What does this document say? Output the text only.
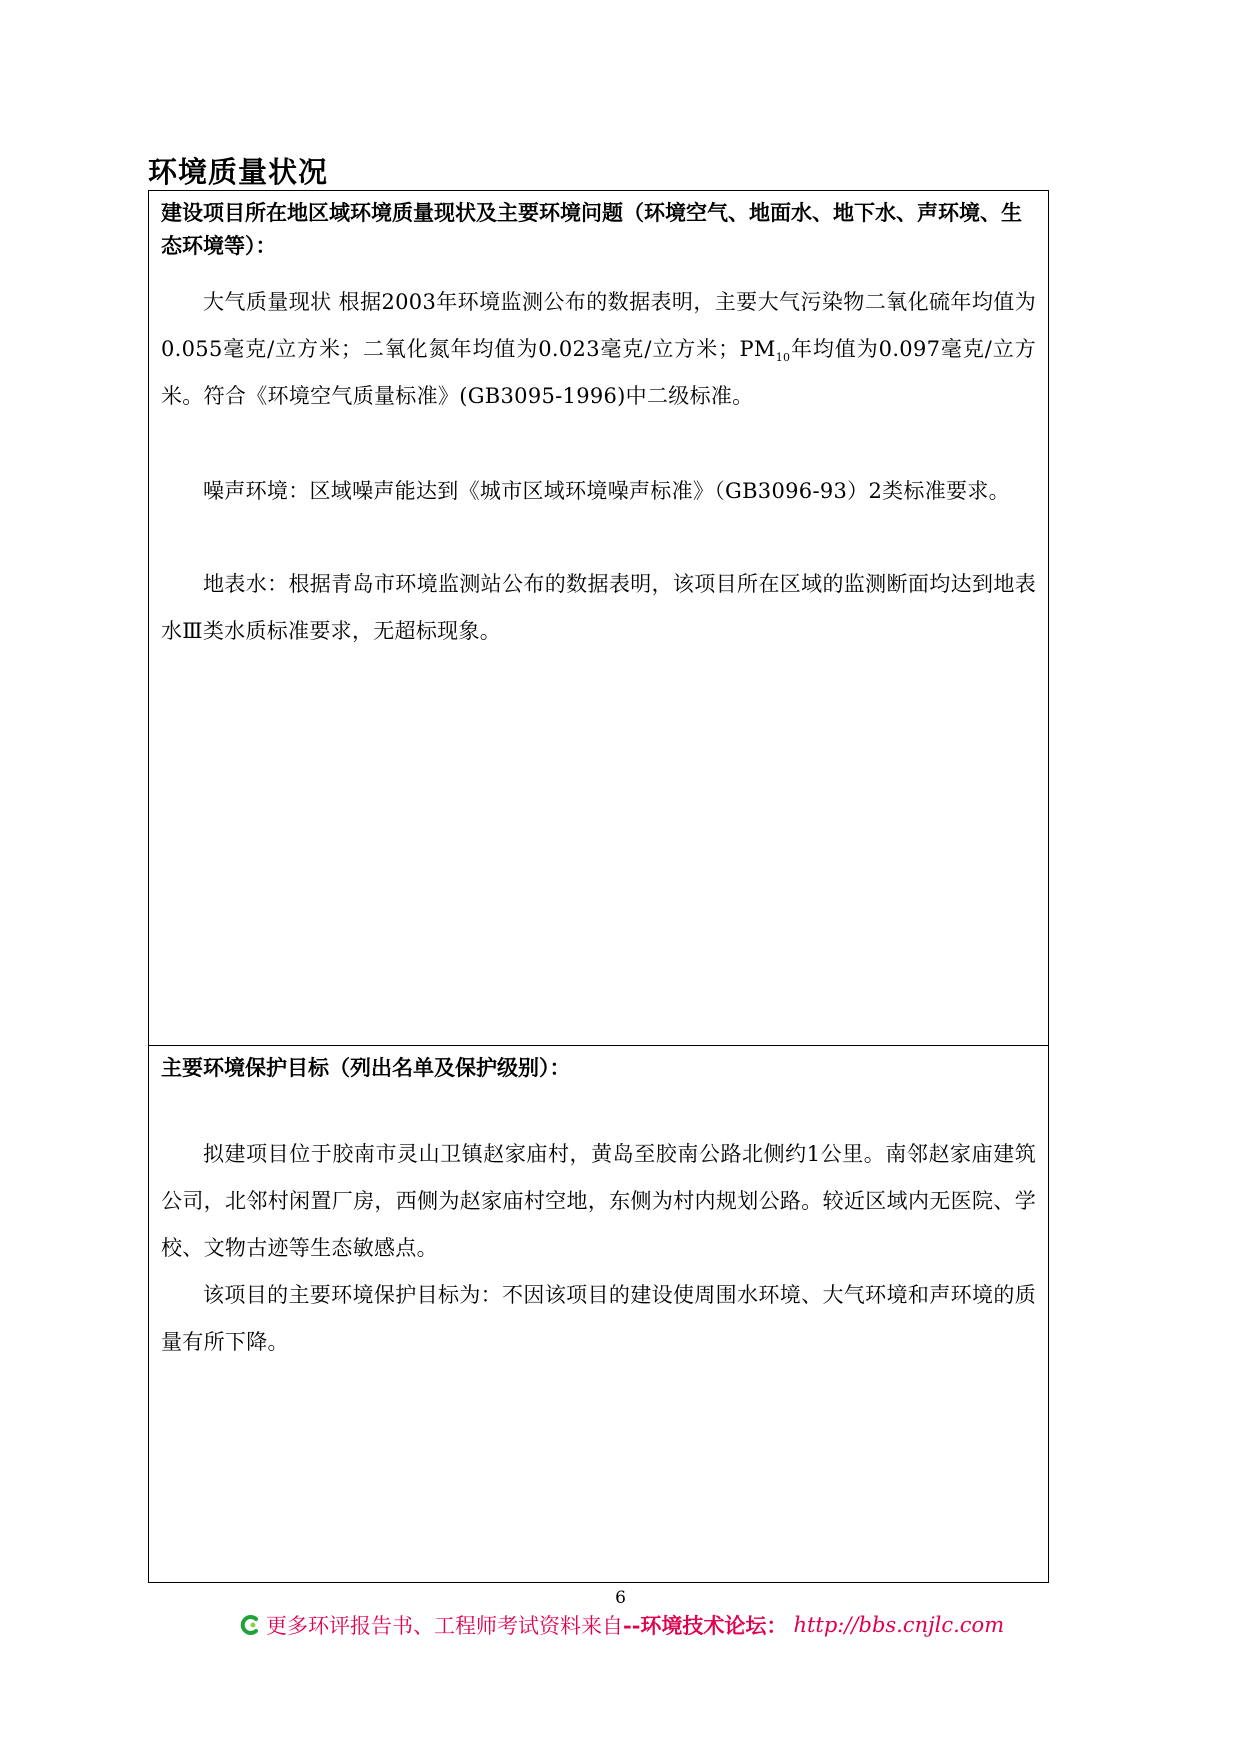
环境质量状况
建设项目所在地区域环境质量现状及主要环境问题（环境空气、地面水、地下水、声环境、生态环境等）：
大气质量现状 根据2003年环境监测公布的数据表明，主要大气污染物二氧化硫年均值为0.055毫克/立方米；二氧化氮年均值为0.023毫克/立方米；$PM_{10}$年均值为0.097毫克/立方米。符合《环境空气质量标准》(GB3095-1996)中二级标准。
噪声环境：区域噪声能达到《城市区域环境噪声标准》（GB3096-93）2类标准要求。
地表水：根据青岛市环境监测站公布的数据表明，该项目所在区域的监测断面均达到地表水Ⅲ类水质标准要求，无超标现象。
主要环境保护目标（列出名单及保护级别）：
拟建项目位于胶南市灵山卫镇赵家庙村，黄岛至胶南公路北侧约1公里。南邻赵家庙建筑公司，北邻村闲置厂房，西侧为赵家庙村空地，东侧为村内规划公路。较近区域内无医院、学校、文物古迹等生态敏感点。
该项目的主要环境保护目标为：不因该项目的建设使周围水环境、大气环境和声环境的质量有所下降。
6
更多环评报告书、工程师考试资料来自 --环境技术论坛： http://bbs.cnjlc.com
